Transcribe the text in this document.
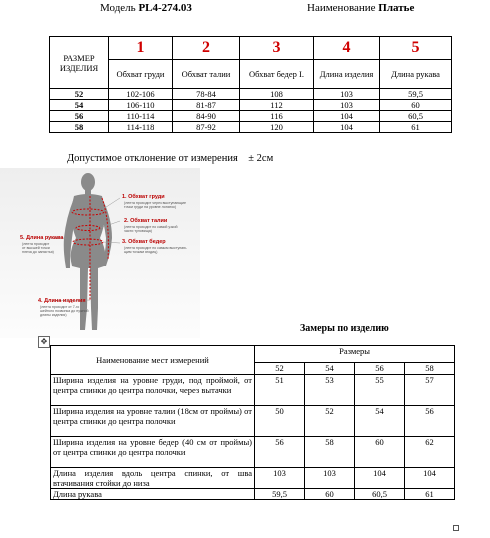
Модель PL4-274.03	Наименование Платье
РАЗМЕР ИЗДЕЛИЯ	1	2	3	4	5
	Обхват груди	Обхват талии	Обхват бедер I.	Длина изделия	Длина рукава
52	102-106	78-84	108	103	59,5
54	106-110	81-87	112	103	60
56	110-114	84-90	116	104	60,5
58	114-118	87-92	120	104	61
Допустимое отклонение от измерения ± 2см
1. Обхват груди
(лента проходит через выступающие
точки груди на уровне лопаток)
2. Обхват талии
(лента проходит по самой узкой
части туловища)
3. Обхват бедер
(лента проходит по самым выступаю-
щим точкам ягодиц)
5. Длина рукава
(лента проходит
от высшей точки
плеча до запястья)
4. Длина изделия
(лента проходит от 7-го
шейного позвонка до нужной
длины изделия)
Замеры по изделию
✥
Наименование мест измерений	Размеры			
	52	54	56	58
Ширина изделия на уровне груди, под проймой, от центра спинки до центра полочки, через вытачки	51	53	55	57
Ширина изделия на уровне талии (18см от проймы) от центра спинки до центра полочки	50	52	54	56
Ширина изделия на уровне бедер (40 см от проймы) от центра спинки до центра полочки	56	58	60	62
Длина изделия вдоль центра спинки, от шва втачивания стойки до низа	103	103	104	104
Длина рукава	59,5	60	60,5	61
